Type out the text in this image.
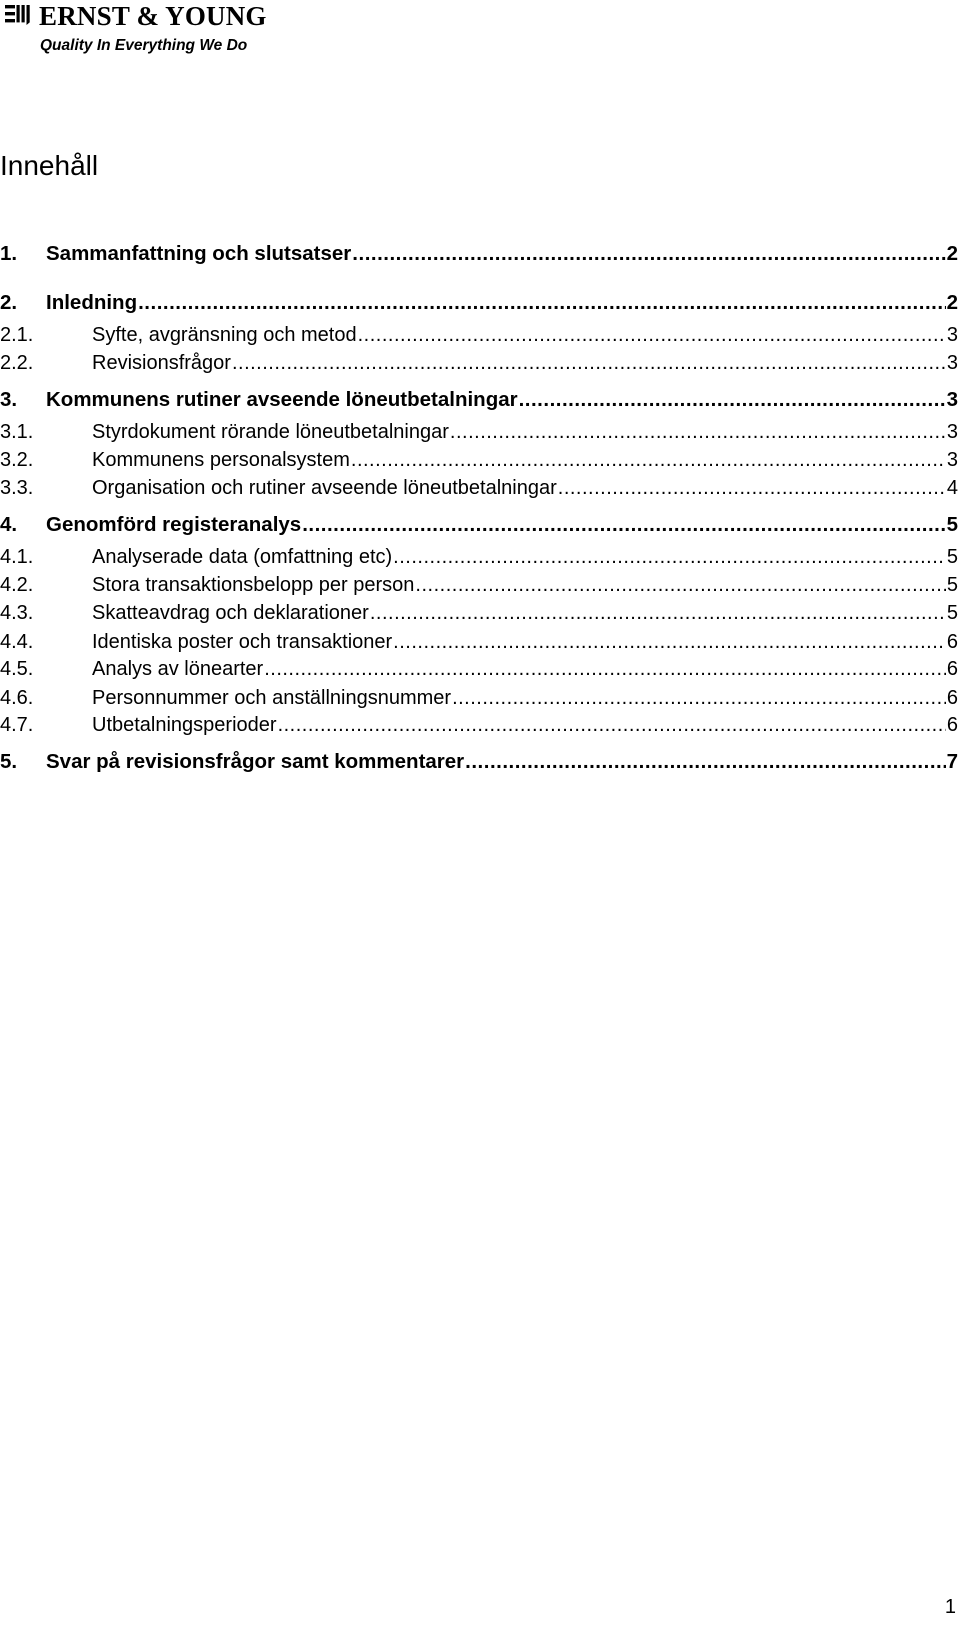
ERNST & YOUNG
Quality In Everything We Do
Innehåll
1. Sammanfattning och slutsatser .....	2
2. Inledning .....	2
2.1.	Syfte, avgränsning och metod .....	3
2.2.	Revisionsfrågor .....	3
3. Kommunens rutiner avseende löneutbetalningar .....	3
3.1.	Styrdokument rörande löneutbetalningar .....	3
3.2.	Kommunens personalsystem .....	3
3.3.	Organisation och rutiner avseende löneutbetalningar .....	4
4. Genomförd registeranalys .....	5
4.1.	Analyserade data (omfattning etc) .....	5
4.2.	Stora transaktionsbelopp per person .....	5
4.3.	Skatteavdrag och deklarationer .....	5
4.4.	Identiska poster och transaktioner .....	6
4.5.	Analys av lönearter .....	6
4.6.	Personnummer och anställningsnummer .....	6
4.7.	Utbetalningsperioder .....	6
5. Svar på revisionsfrågor samt kommentarer .....	7
1
